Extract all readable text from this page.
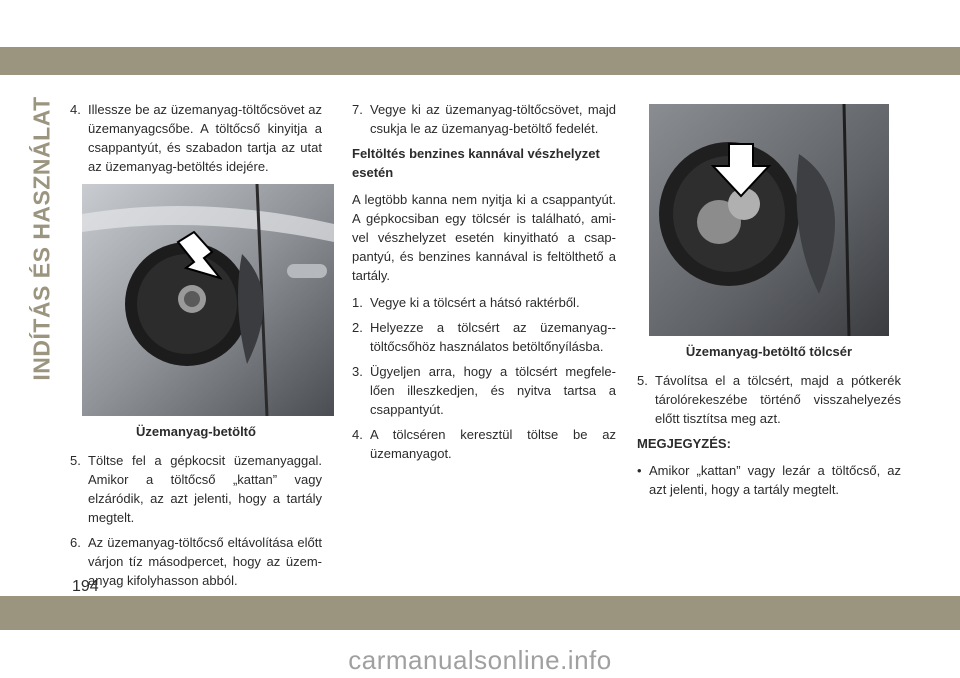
INDÍTÁS ÉS HASZNÁLAT 4. Illessze be az üzemanyag-töltőcsövet az üzemanyagcsőbe. A töltőcső kinyitja a csappantyút, és szabadon tartja az utat az üzemanyag-betöltés idejére.
Üzemanyag-betöltő
5. Töltse fel a gépkocsit üzemanyaggal. Amikor a töltőcső „kattan” vagy elzáródik, az azt jelenti, hogy a tartály megtelt.
6. Az üzemanyag-töltőcső eltávolítása előtt várjon tíz másodpercet, hogy az üzem-anyag kifolyhasson abból.
7. Vegye ki az üzemanyag-töltőcsövet, majd csukja le az üzemanyag-betöltő fedelét.
Feltöltés benzines kannával vészhelyzet esetén
A legtöbb kanna nem nyitja ki a csappantyút. A gépkocsiban egy tölcsér is található, ami-vel vészhelyzet esetén kinyitható a csap-pantyú, és benzines kannával is feltölthető a tartály.
1. Vegye ki a tölcsért a hátsó raktérből.
2. Helyezze a tölcsért az üzemanyag--töltőcsőhöz használatos betöltőnyílásba.
3. Ügyeljen arra, hogy a tölcsért megfele-lően illeszkedjen, és nyitva tartsa a csappantyút.
4. A tölcséren keresztül töltse be az üzemanyagot.
Üzemanyag-betöltő tölcsér
5. Távolítsa el a tölcsért, majd a pótkerék tárolórekeszébe történő visszahelyezés előtt tisztítsa meg azt.
MEGJEGYZÉS:
• Amikor „kattan” vagy lezár a töltőcső, az azt jelenti, hogy a tartály megtelt.
194
carmanualsonline.info
